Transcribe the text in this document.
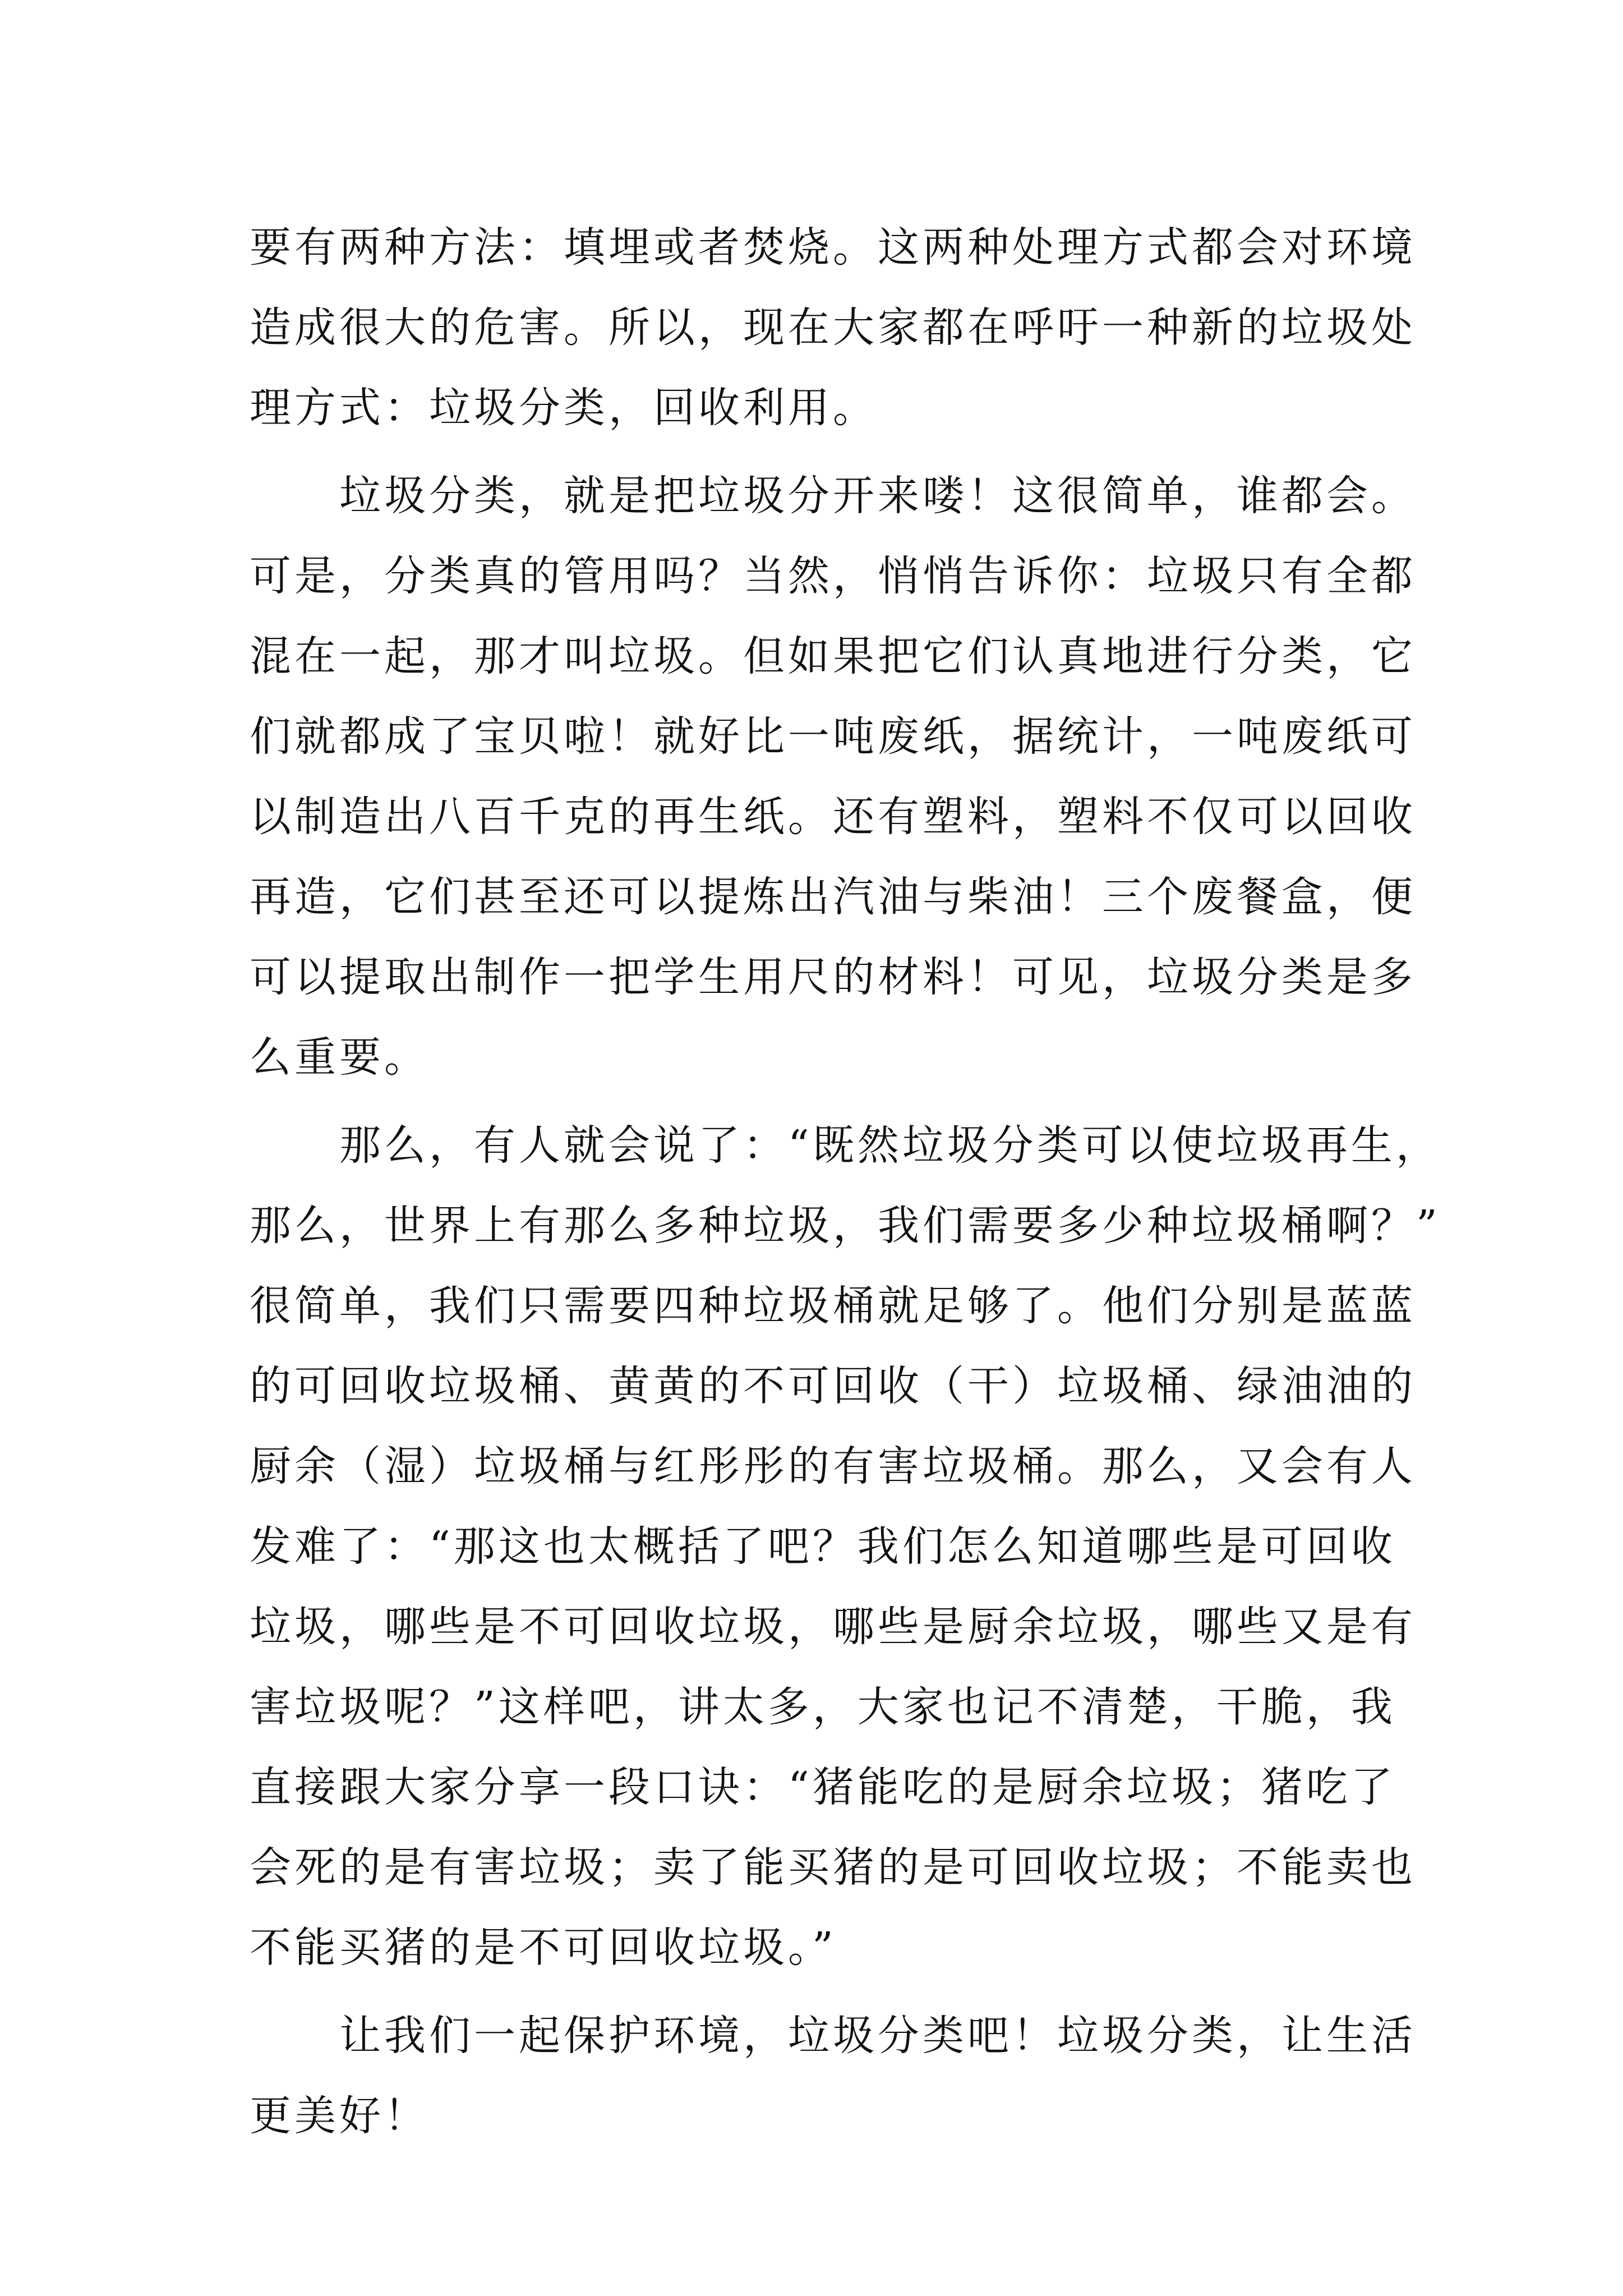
要有两种方法：填埋或者焚烧。这两种处理方式都会对环境
造成很大的危害。所以，现在大家都在呼吁一种新的垃圾处
理方式：垃圾分类，回收利用。
　　垃圾分类，就是把垃圾分开来喽！这很简单，谁都会。
可是，分类真的管用吗？当然，悄悄告诉你：垃圾只有全都
混在一起，那才叫垃圾。但如果把它们认真地进行分类，它
们就都成了宝贝啦！就好比一吨废纸，据统计，一吨废纸可
以制造出八百千克的再生纸。还有塑料，塑料不仅可以回收
再造，它们甚至还可以提炼出汽油与柴油！三个废餐盒，便
可以提取出制作一把学生用尺的材料！可见，垃圾分类是多
么重要。
　　那么，有人就会说了：“既然垃圾分类可以使垃圾再生，
那么，世界上有那么多种垃圾，我们需要多少种垃圾桶啊？”
很简单，我们只需要四种垃圾桶就足够了。他们分别是蓝蓝
的可回收垃圾桶、黄黄的不可回收（干）垃圾桶、绿油油的
厨余（湿）垃圾桶与红彤彤的有害垃圾桶。那么，又会有人
发难了：“那这也太概括了吧？我们怎么知道哪些是可回收
垃圾，哪些是不可回收垃圾，哪些是厨余垃圾，哪些又是有
害垃圾呢？”这样吧，讲太多，大家也记不清楚，干脆，我
直接跟大家分享一段口诀：“猪能吃的是厨余垃圾；猪吃了
会死的是有害垃圾；卖了能买猪的是可回收垃圾；不能卖也
不能买猪的是不可回收垃圾。”
　　让我们一起保护环境，垃圾分类吧！垃圾分类，让生活
更美好！
